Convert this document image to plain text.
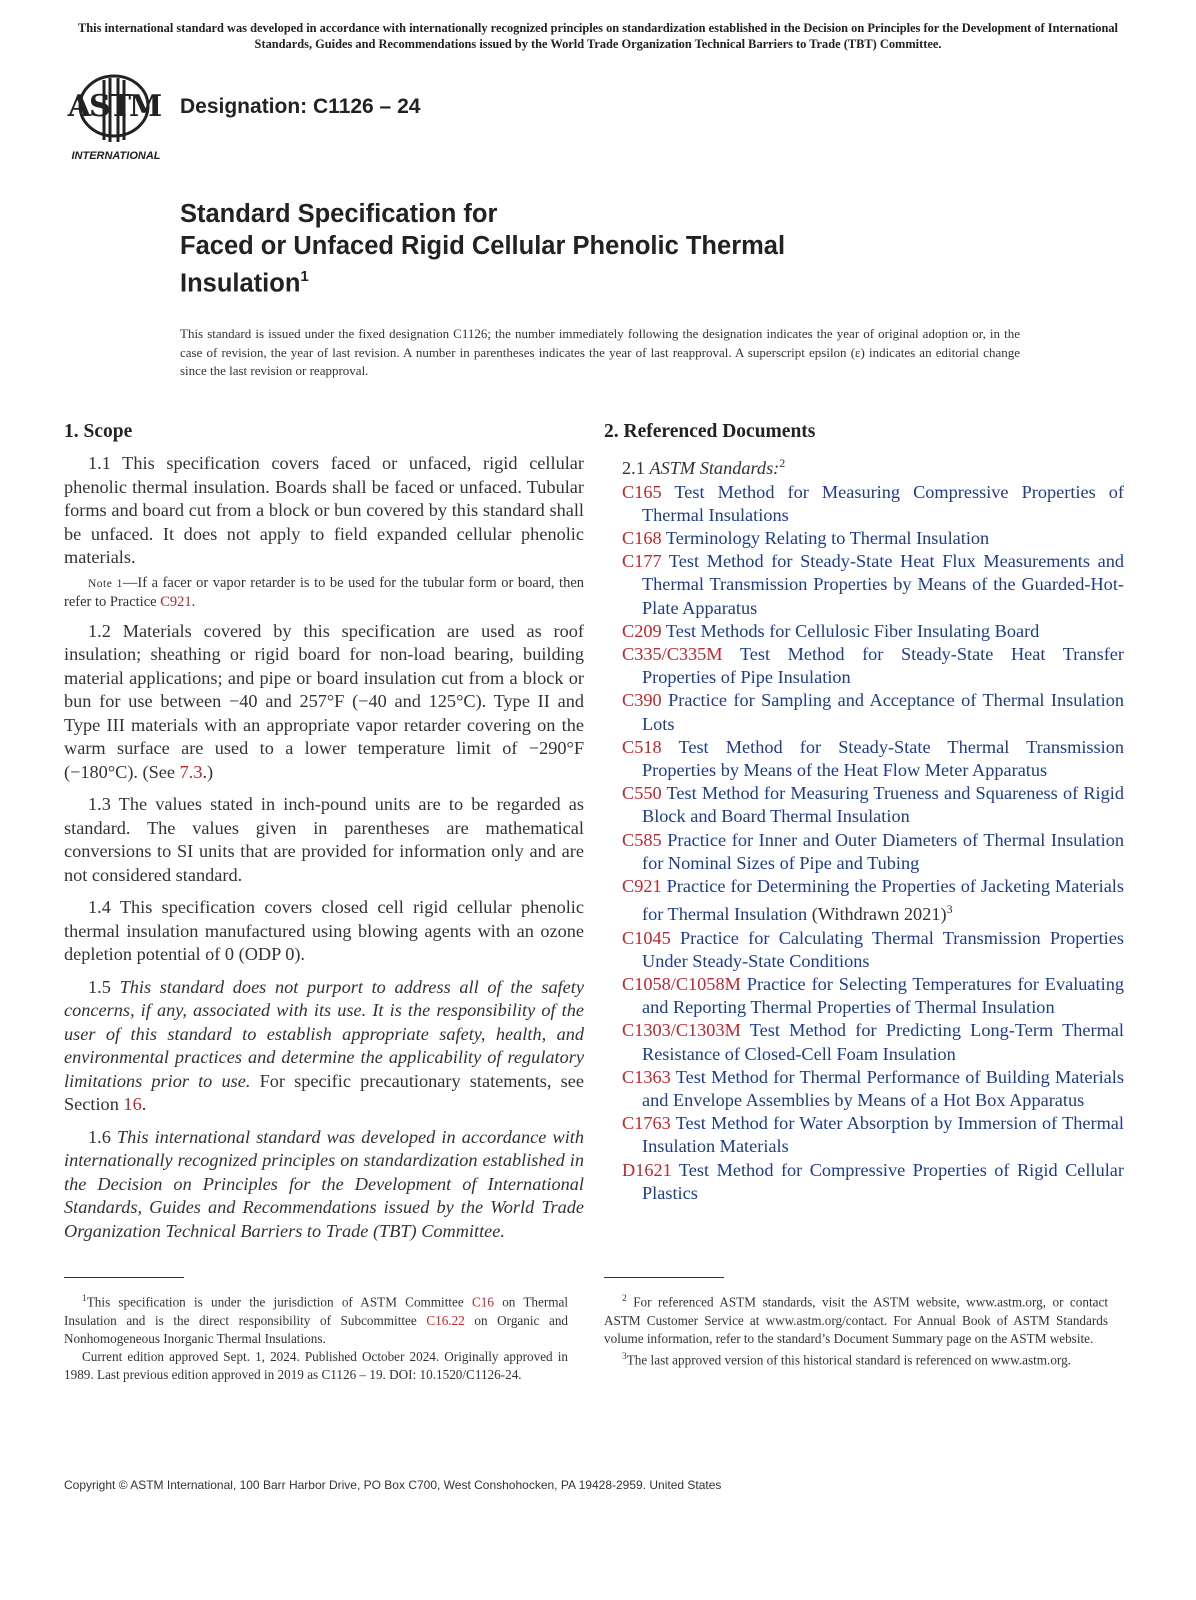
This international standard was developed in accordance with internationally recognized principles on standardization established in the Decision on Principles for the Development of International Standards, Guides and Recommendations issued by the World Trade Organization Technical Barriers to Trade (TBT) Committee.
ASTM
INTERNATIONAL
Designation: C1126 – 24
Standard Specification for
Faced or Unfaced Rigid Cellular Phenolic Thermal
Insulation$^1$
This standard is issued under the fixed designation C1126; the number immediately following the designation indicates the year of original adoption or, in the case of revision, the year of last revision. A number in parentheses indicates the year of last reapproval. A superscript epsilon (ε) indicates an editorial change since the last revision or reapproval.
1. Scope

1.1 This specification covers faced or unfaced, rigid cellular phenolic thermal insulation. Boards shall be faced or unfaced. Tubular forms and board cut from a block or bun covered by this standard shall be unfaced. It does not apply to field expanded cellular phenolic materials.

Note 1—If a facer or vapor retarder is to be used for the tubular form or board, then refer to Practice C921.

1.2 Materials covered by this specification are used as roof insulation; sheathing or rigid board for non-load bearing, building material applications; and pipe or board insulation cut from a block or bun for use between −40 and 257°F (−40 and 125°C). Type II and Type III materials with an appropriate vapor retarder covering on the warm surface are used to a lower temperature limit of −290°F (−180°C). (See 7.3.)

1.3 The values stated in inch-pound units are to be regarded as standard. The values given in parentheses are mathematical conversions to SI units that are provided for information only and are not considered standard.

1.4 This specification covers closed cell rigid cellular phenolic thermal insulation manufactured using blowing agents with an ozone depletion potential of 0 (ODP 0).

1.5 This standard does not purport to address all of the safety concerns, if any, associated with its use. It is the responsibility of the user of this standard to establish appropriate safety, health, and environmental practices and determine the applicability of regulatory limitations prior to use. For specific precautionary statements, see Section 16.

1.6 This international standard was developed in accordance with internationally recognized principles on standardization established in the Decision on Principles for the Development of International Standards, Guides and Recommendations issued by the World Trade Organization Technical Barriers to Trade (TBT) Committee.

2. Referenced Documents
2.1 ASTM Standards:$^2$

C165 Test Method for Measuring Compressive Properties of Thermal Insulations

C168 Terminology Relating to Thermal Insulation

C177 Test Method for Steady-State Heat Flux Measurements and Thermal Transmission Properties by Means of the Guarded-Hot-Plate Apparatus

C209 Test Methods for Cellulosic Fiber Insulating Board

C335/C335M Test Method for Steady-State Heat Transfer Properties of Pipe Insulation

C390 Practice for Sampling and Acceptance of Thermal Insulation Lots

C518 Test Method for Steady-State Thermal Transmission Properties by Means of the Heat Flow Meter Apparatus

C550 Test Method for Measuring Trueness and Squareness of Rigid Block and Board Thermal Insulation

C585 Practice for Inner and Outer Diameters of Thermal Insulation for Nominal Sizes of Pipe and Tubing

C921 Practice for Determining the Properties of Jacketing Materials for Thermal Insulation (Withdrawn 2021)$^3$

C1045 Practice for Calculating Thermal Transmission Properties Under Steady-State Conditions

C1058/C1058M Practice for Selecting Temperatures for Evaluating and Reporting Thermal Properties of Thermal Insulation

C1303/C1303M Test Method for Predicting Long-Term Thermal Resistance of Closed-Cell Foam Insulation

C1363 Test Method for Thermal Performance of Building Materials and Envelope Assemblies by Means of a Hot Box Apparatus

C1763 Test Method for Water Absorption by Immersion of Thermal Insulation Materials

D1621 Test Method for Compressive Properties of Rigid Cellular Plastics

$^1$This specification is under the jurisdiction of ASTM Committee C16 on Thermal Insulation and is the direct responsibility of Subcommittee C16.22 on Organic and Nonhomogeneous Inorganic Thermal Insulations.

Current edition approved Sept. 1, 2024. Published October 2024. Originally approved in 1989. Last previous edition approved in 2019 as C1126 – 19. DOI: 10.1520/C1126-24.

$^2$ For referenced ASTM standards, visit the ASTM website, www.astm.org, or contact ASTM Customer Service at www.astm.org/contact. For Annual Book of ASTM Standards volume information, refer to the standard’s Document Summary page on the ASTM website.

$^3$The last approved version of this historical standard is referenced on www.astm.org.

Copyright © ASTM International, 100 Barr Harbor Drive, PO Box C700, West Conshohocken, PA 19428-2959. United States
